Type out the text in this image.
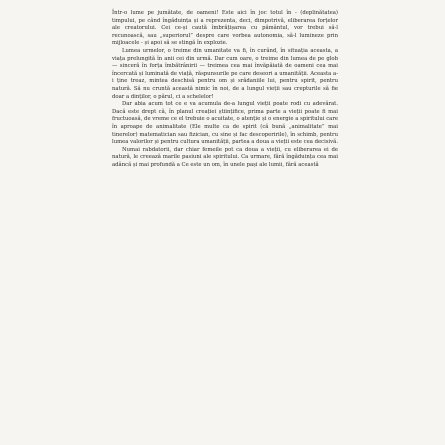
Într-o lume pe jumătate, de oameni! Este aici în joc totul în - (deplinătatea) timpului, pe când îngăduința și a reprezenta, deci, dimpotrivă, eliberarea forțelor ale creatorului. Cei ce-și caută îmbrățișarea cu pământul, vor trebui să-l recunoască, sau „superiorul” despre care vorbea autonomia, să-l lumineze prin mijloacele - și apoi să se stingă în explozie.

Lumea urmelor, o treime din umanitate va fi, în curând, în situația aceasta, a viața prelungită în anii cei din urmă. Dar cum oare, o treime din lumea de pe glob — sinceră în forța îmbătrânirii — treimea cea mai învăpăiată de oameni cea mai încercată și luminată de viață, răspunsurile pe care deseori a umanității. Aceasta a-i ține treaz, mintea deschisă pentru om și srădaniile lui, pentru spirit, pentru natură. Să nu cruntă această nimic în noi, de a lungul vieții sau crepturile să fie doar a dinților, o părul, ci a schelelor!

Dar abia acum tot ce e va acumula de-a lungul vieții poate rodi cu adevărat. Dacă este drept că, în planul creației științifice, prima parte a vieții poate fi mai fructuoasă, de vreme ce el trebuie o acuitate, o atenție și o energie a spiritului care în aproape de animalitate (Ele multe ca de spirit (că bună „animalitate” mai tinerelor) matematician sau fizician, cu sine și fac descoperirile), în schimb, pentru lumea valorilor și pentru cultura umanității, partea a doua a vieții este cea decisivă.

Numai rabdatorii, dar chiar femeile pot ca doua a vieții, cu eliberarea ei de natură, le creează marile pasiuni ale spiritului. Ca urmare, fără îngăduința cea mai adâncă și mai profundă a Ce este un om, în unele pași ale lumii, fără această
